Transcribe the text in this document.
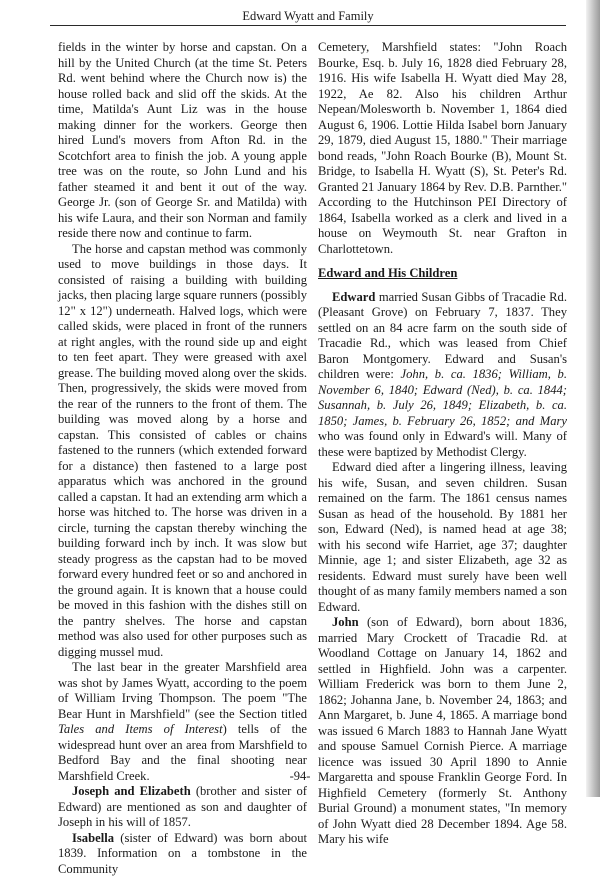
Edward Wyatt and Family

fields in the winter by horse and capstan. On a hill by the United Church (at the time St. Peters Rd. went behind where the Church now is) the house rolled back and slid off the skids. At the time, Matilda's Aunt Liz was in the house making dinner for the workers. George then hired Lund's movers from Afton Rd. in the Scotchfort area to finish the job. A young apple tree was on the route, so John Lund and his father steamed it and bent it out of the way. George Jr. (son of George Sr. and Matilda) with his wife Laura, and their son Norman and family reside there now and continue to farm.

The horse and capstan method was commonly used to move buildings in those days. It consisted of raising a building with building jacks, then placing large square runners (possibly 12" x 12") underneath. Halved logs, which were called skids, were placed in front of the runners at right angles, with the round side up and eight to ten feet apart. They were greased with axel grease. The building moved along over the skids. Then, progressively, the skids were moved from the rear of the runners to the front of them. The building was moved along by a horse and capstan. This consisted of cables or chains fastened to the runners (which extended forward for a distance) then fastened to a large post apparatus which was anchored in the ground called a capstan. It had an extending arm which a horse was hitched to. The horse was driven in a circle, turning the capstan thereby winching the building forward inch by inch. It was slow but steady progress as the capstan had to be moved forward every hundred feet or so and anchored in the ground again. It is known that a house could be moved in this fashion with the dishes still on the pantry shelves. The horse and capstan method was also used for other purposes such as digging mussel mud.

The last bear in the greater Marshfield area was shot by James Wyatt, according to the poem of William Irving Thompson. The poem "The Bear Hunt in Marshfield" (see the Section titled Tales and Items of Interest) tells of the widespread hunt over an area from Marshfield to Bedford Bay and the final shooting near Marshfield Creek.

Joseph and Elizabeth (brother and sister of Edward) are mentioned as son and daughter of Joseph in his will of 1857.

Isabella (sister of Edward) was born about 1839. Information on a tombstone in the Community

Cemetery, Marshfield states: "John Roach Bourke, Esq. b. July 16, 1828 died February 28, 1916. His wife Isabella H. Wyatt died May 28, 1922, Ae 82. Also his children Arthur Nepean/Molesworth b. November 1, 1864 died August 6, 1906. Lottie Hilda Isabel born January 29, 1879, died August 15, 1880." Their marriage bond reads, "John Roach Bourke (B), Mount St. Bridge, to Isabella H. Wyatt (S), St. Peter's Rd. Granted 21 January 1864 by Rev. D.B. Parnther." According to the Hutchinson PEI Directory of 1864, Isabella worked as a clerk and lived in a house on Weymouth St. near Grafton in Charlottetown.

Edward and His Children

Edward married Susan Gibbs of Tracadie Rd. (Pleasant Grove) on February 7, 1837. They settled on an 84 acre farm on the south side of Tracadie Rd., which was leased from Chief Baron Montgomery. Edward and Susan's children were: John, b. ca. 1836; William, b. November 6, 1840; Edward (Ned), b. ca. 1844; Susannah, b. July 26, 1849; Elizabeth, b. ca. 1850; James, b. February 26, 1852; and Mary who was found only in Edward's will. Many of these were baptized by Methodist Clergy.

Edward died after a lingering illness, leaving his wife, Susan, and seven children. Susan remained on the farm. The 1861 census names Susan as head of the household. By 1881 her son, Edward (Ned), is named head at age 38; with his second wife Harriet, age 37; daughter Minnie, age 1; and sister Elizabeth, age 32 as residents. Edward must surely have been well thought of as many family members named a son Edward.

John (son of Edward), born about 1836, married Mary Crockett of Tracadie Rd. at Woodland Cottage on January 14, 1862 and settled in Highfield. John was a carpenter. William Frederick was born to them June 2, 1862; Johanna Jane, b. November 24, 1863; and Ann Margaret, b. June 4, 1865. A marriage bond was issued 6 March 1883 to Hannah Jane Wyatt and spouse Samuel Cornish Pierce. A marriage licence was issued 30 April 1890 to Annie Margaretta and spouse Franklin George Ford. In Highfield Cemetery (formerly St. Anthony Burial Ground) a monument states, "In memory of John Wyatt died 28 December 1894. Age 58. Mary his wife

-94-
